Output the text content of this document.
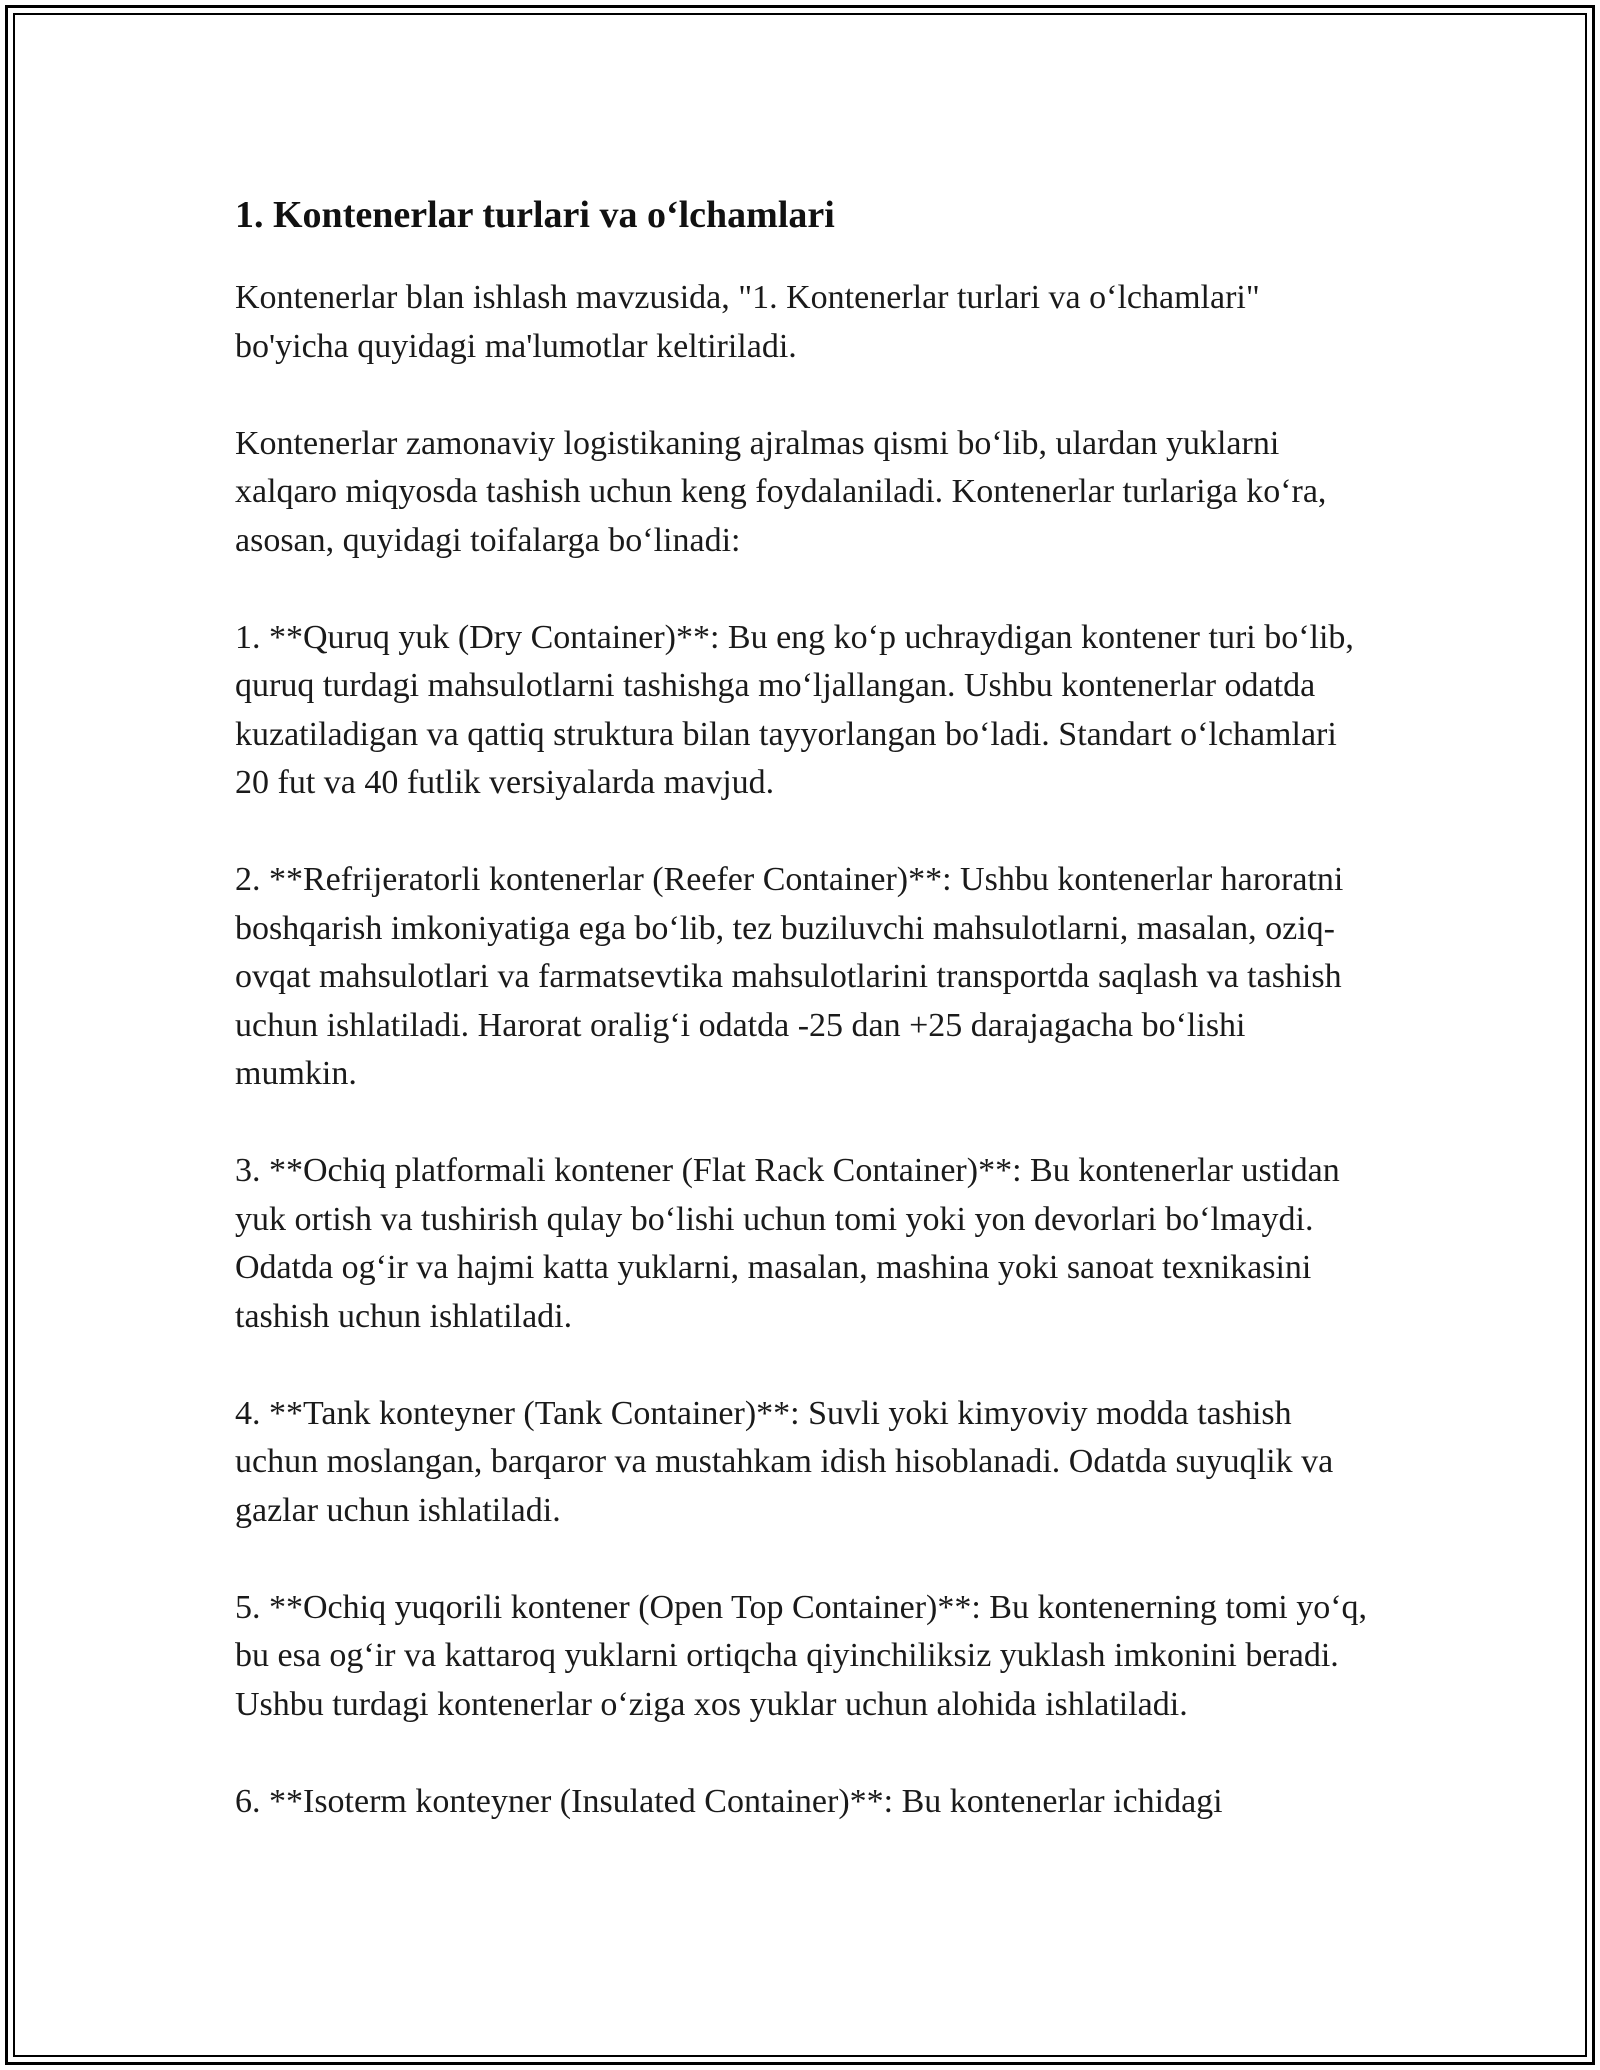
1. Kontenerlar turlari va o‘lchamlari

Kontenerlar blan ishlash mavzusida, "1. Kontenerlar turlari va o‘lchamlari" bo'yicha quyidagi ma'lumotlar keltiriladi.

Kontenerlar zamonaviy logistikaning ajralmas qismi bo‘lib, ulardan yuklarni xalqaro miqyosda tashish uchun keng foydalaniladi. Kontenerlar turlariga ko‘ra, asosan, quyidagi toifalarga bo‘linadi:

1. **Quruq yuk (Dry Container)**: Bu eng ko‘p uchraydigan kontener turi bo‘lib, quruq turdagi mahsulotlarni tashishga mo‘ljallangan. Ushbu kontenerlar odatda kuzatiladigan va qattiq struktura bilan tayyorlangan bo‘ladi. Standart o‘lchamlari 20 fut va 40 futlik versiyalarda mavjud.

2. **Refrijeratorli kontenerlar (Reefer Container)**: Ushbu kontenerlar haroratni boshqarish imkoniyatiga ega bo‘lib, tez buziluvchi mahsulotlarni, masalan, oziq-ovqat mahsulotlari va farmatsevtika mahsulotlarini transportda saqlash va tashish uchun ishlatiladi. Harorat oralig‘i odatda -25 dan +25 darajagacha bo‘lishi mumkin.

3. **Ochiq platformali kontener (Flat Rack Container)**: Bu kontenerlar ustidan yuk ortish va tushirish qulay bo‘lishi uchun tomi yoki yon devorlari bo‘lmaydi. Odatda og‘ir va hajmi katta yuklarni, masalan, mashina yoki sanoat texnikasini tashish uchun ishlatiladi.

4. **Tank konteyner (Tank Container)**: Suvli yoki kimyoviy modda tashish uchun moslangan, barqaror va mustahkam idish hisoblanadi. Odatda suyuqlik va gazlar uchun ishlatiladi.

5. **Ochiq yuqorili kontener (Open Top Container)**: Bu kontenerning tomi yo‘q, bu esa og‘ir va kattaroq yuklarni ortiqcha qiyinchiliksiz yuklash imkonini beradi. Ushbu turdagi kontenerlar o‘ziga xos yuklar uchun alohida ishlatiladi.

6. **Isoterm konteyner (Insulated Container)**: Bu kontenerlar ichidagi
